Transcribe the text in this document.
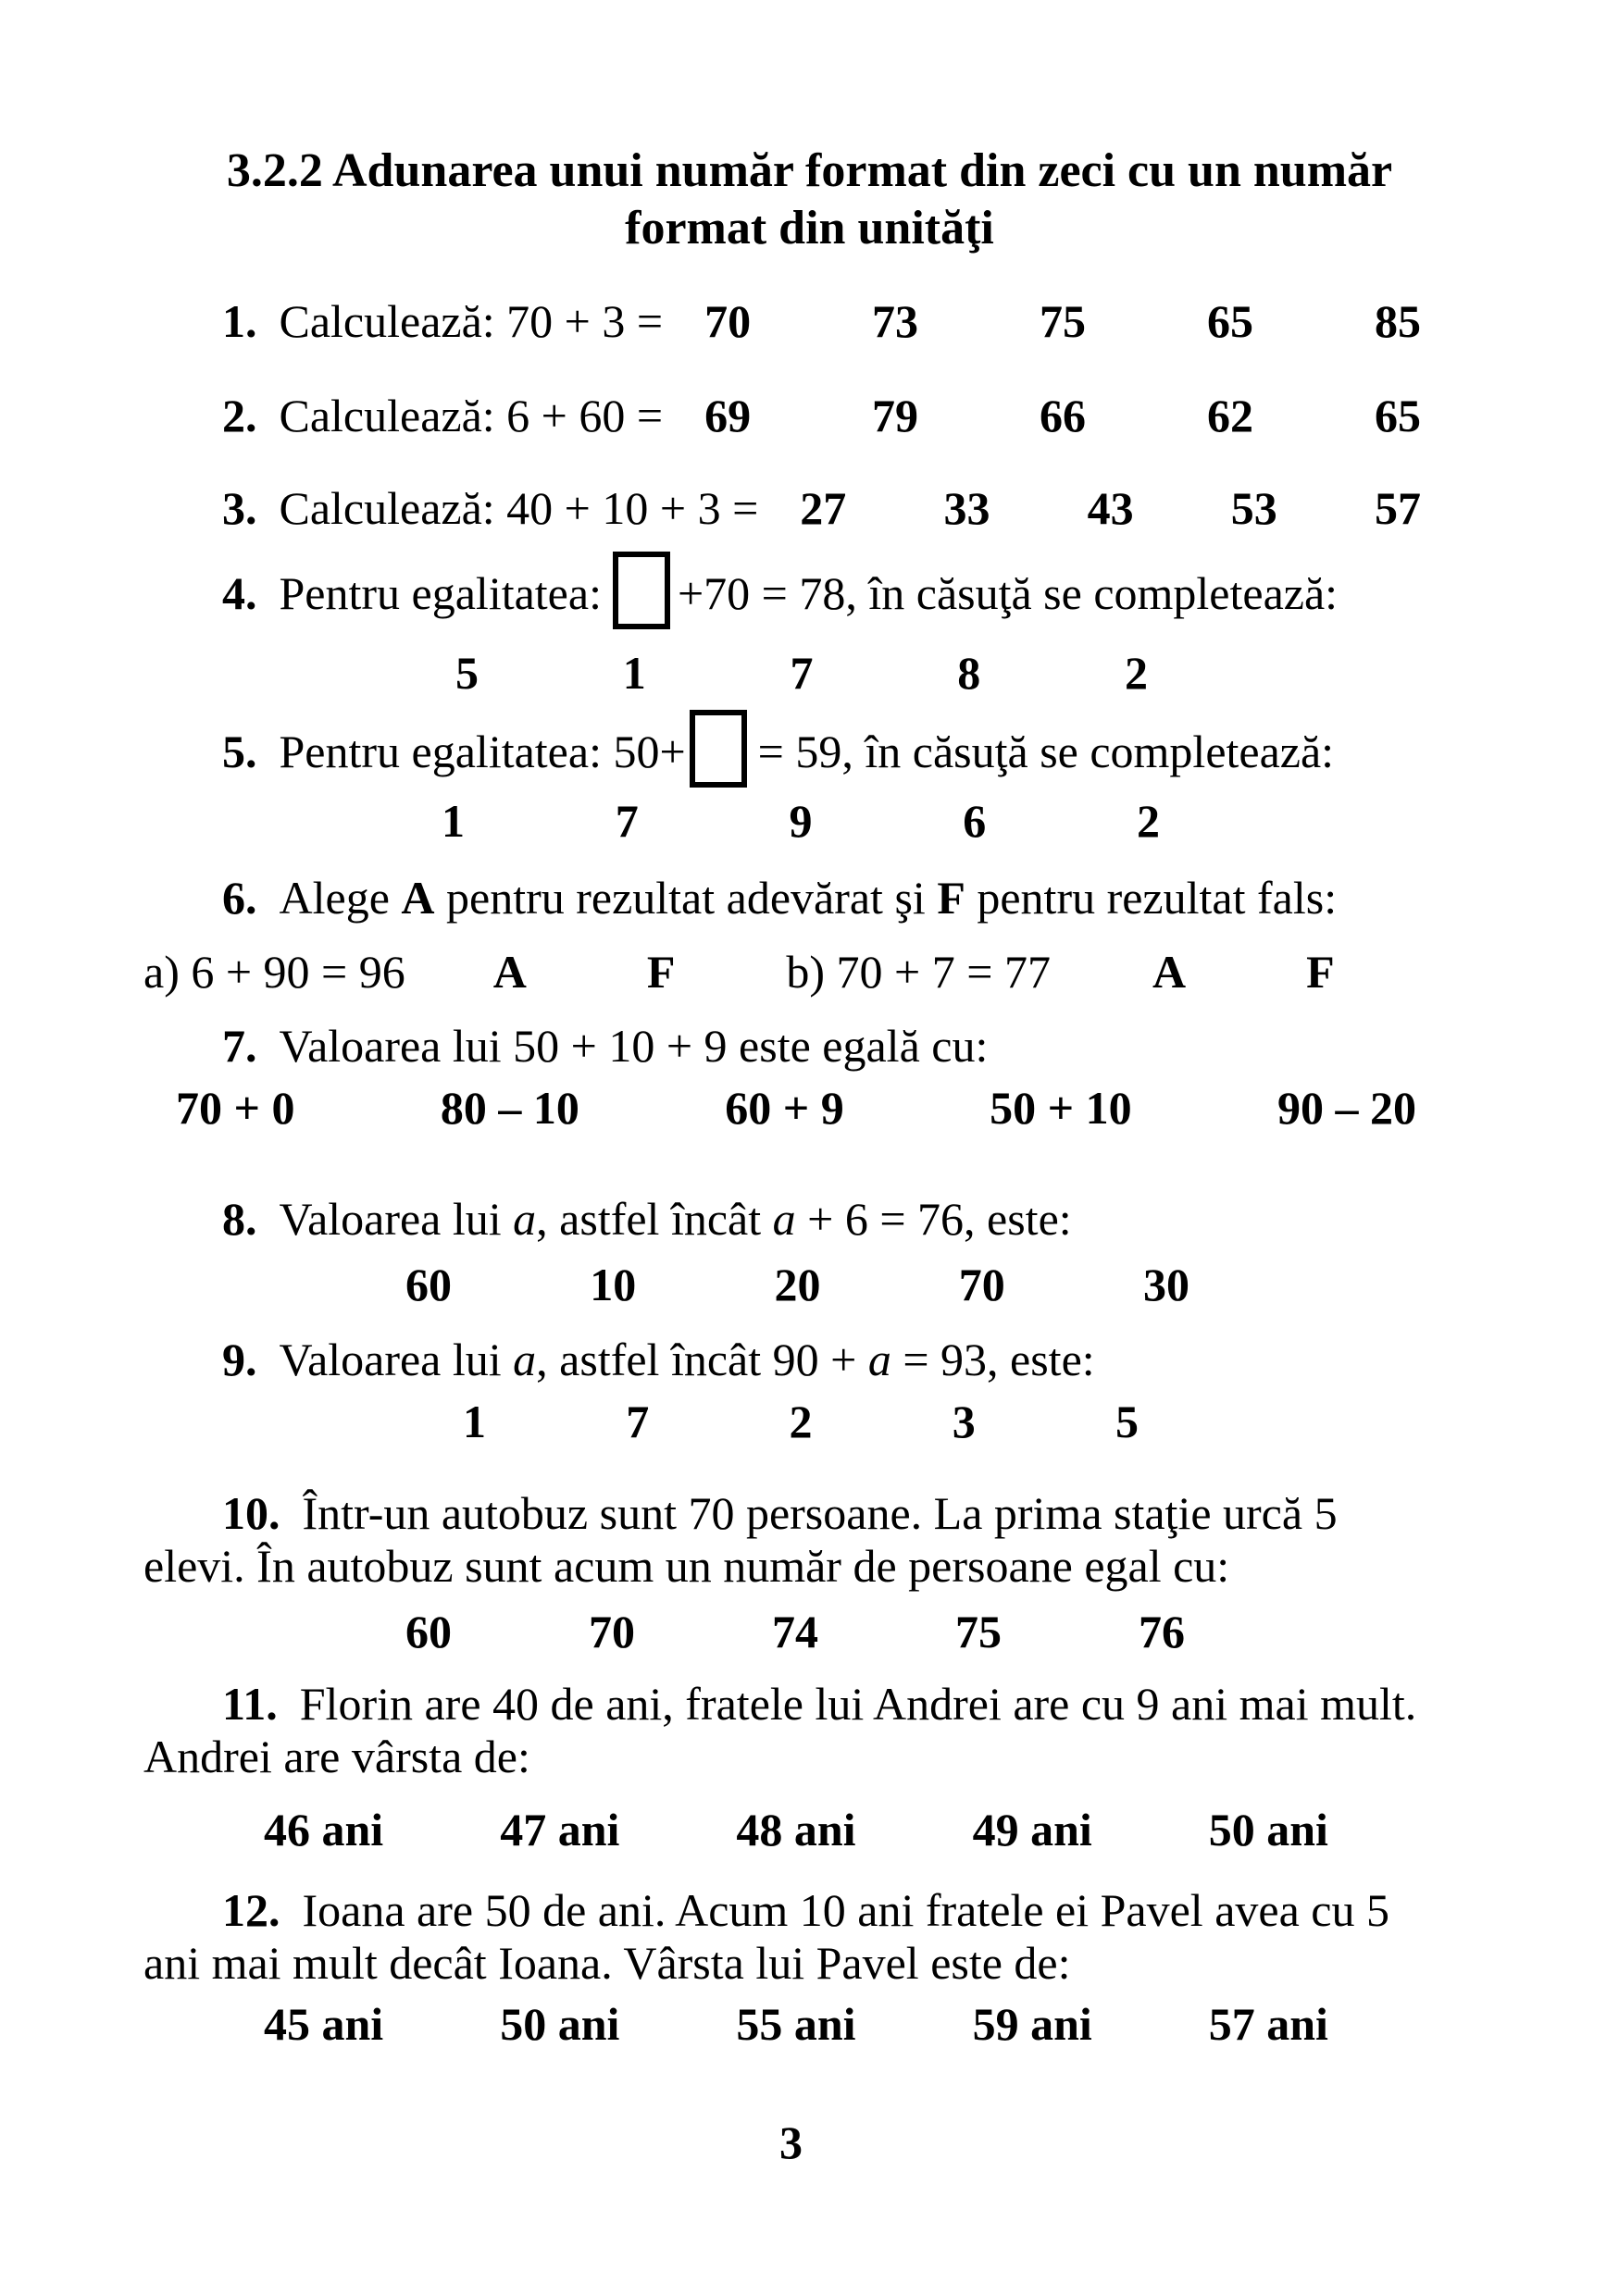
3.2.2 Adunarea unui număr format din zeci cu un număr
format din unităţi
1. Calculează: 70 + 3 = 70	73	75	65	85
2. Calculează: 6 + 60 = 69	79	66	62	65
3. Calculează: 40 + 10 + 3 = 27 33 43 53 57
4. Pentru egalitatea: +70 = 78, în căsuţă se completează:
5	1	7	8	2
5. Pentru egalitatea: 50+ = 59, în căsuţă se completează:
1	7	9	6	2
6. Alege A pentru rezultat adevărat şi F pentru rezultat fals:
a) 6 + 90 = 96 A	F b) 70 + 7 = 77 A	F
7. Valoarea lui 50 + 10 + 9 este egală cu:
70 + 0	80 – 10	60 + 9	50 + 10	90 – 20
8. Valoarea lui a, astfel încât a + 6 = 76, este:
60	10	20	70	30
9. Valoarea lui a, astfel încât 90 + a = 93, este:
1	7	2	3	5
10. Într-un autobuz sunt 70 persoane. La prima staţie urcă 5
elevi. În autobuz sunt acum un număr de persoane egal cu:
60	70	74	75	76
11. Florin are 40 de ani, fratele lui Andrei are cu 9 ani mai mult.
Andrei are vârsta de:
46 ani	47 ani	48 ani	49 ani	50 ani
12. Ioana are 50 de ani. Acum 10 ani fratele ei Pavel avea cu 5
ani mai mult decât Ioana. Vârsta lui Pavel este de:
45 ani	50 ani	55 ani	59 ani	57 ani
3
